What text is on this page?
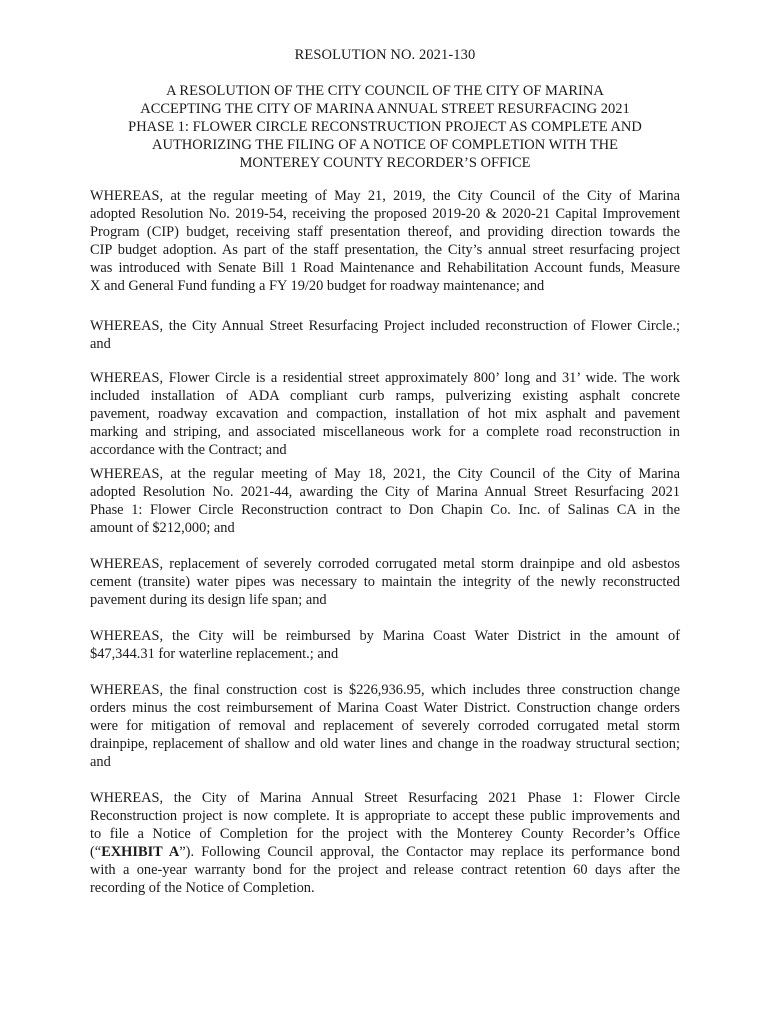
RESOLUTION NO. 2021-130
A RESOLUTION OF THE CITY COUNCIL OF THE CITY OF MARINA
ACCEPTING THE CITY OF MARINA ANNUAL STREET RESURFACING 2021
PHASE 1: FLOWER CIRCLE RECONSTRUCTION PROJECT AS COMPLETE AND
AUTHORIZING THE FILING OF A NOTICE OF COMPLETION WITH THE
MONTEREY COUNTY RECORDER’S OFFICE
WHEREAS, at the regular meeting of May 21, 2019, the City Council of the City of Marina
adopted Resolution No. 2019-54, receiving the proposed 2019-20 & 2020-21 Capital Improvement
Program (CIP) budget, receiving staff presentation thereof, and providing direction towards the
CIP budget adoption. As part of the staff presentation, the City’s annual street resurfacing project
was introduced with Senate Bill 1 Road Maintenance and Rehabilitation Account funds, Measure
X and General Fund funding a FY 19/20 budget for roadway maintenance; and
WHEREAS, the City Annual Street Resurfacing Project included reconstruction of Flower Circle.;
and
WHEREAS, Flower Circle is a residential street approximately 800’ long and 31’ wide. The work
included installation of ADA compliant curb ramps, pulverizing existing asphalt concrete
pavement, roadway excavation and compaction, installation of hot mix asphalt and pavement
marking and striping, and associated miscellaneous work for a complete road reconstruction in
accordance with the Contract; and
WHEREAS, at the regular meeting of May 18, 2021, the City Council of the City of Marina
adopted Resolution No. 2021-44, awarding the City of Marina Annual Street Resurfacing 2021
Phase 1: Flower Circle Reconstruction contract to Don Chapin Co. Inc. of Salinas CA in the
amount of $212,000; and
WHEREAS, replacement of severely corroded corrugated metal storm drainpipe and old asbestos
cement (transite) water pipes was necessary to maintain the integrity of the newly reconstructed
pavement during its design life span; and
WHEREAS, the City will be reimbursed by Marina Coast Water District in the amount of
$47,344.31 for waterline replacement.; and
WHEREAS, the final construction cost is $226,936.95, which includes three construction change
orders minus the cost reimbursement of Marina Coast Water District. Construction change orders
were for mitigation of removal and replacement of severely corroded corrugated metal storm
drainpipe, replacement of shallow and old water lines and change in the roadway structural section;
and
WHEREAS, the City of Marina Annual Street Resurfacing 2021 Phase 1: Flower Circle
Reconstruction project is now complete. It is appropriate to accept these public improvements and
to file a Notice of Completion for the project with the Monterey County Recorder’s Office
(“EXHIBIT A”). Following Council approval, the Contactor may replace its performance bond
with a one-year warranty bond for the project and release contract retention 60 days after the
recording of the Notice of Completion.
